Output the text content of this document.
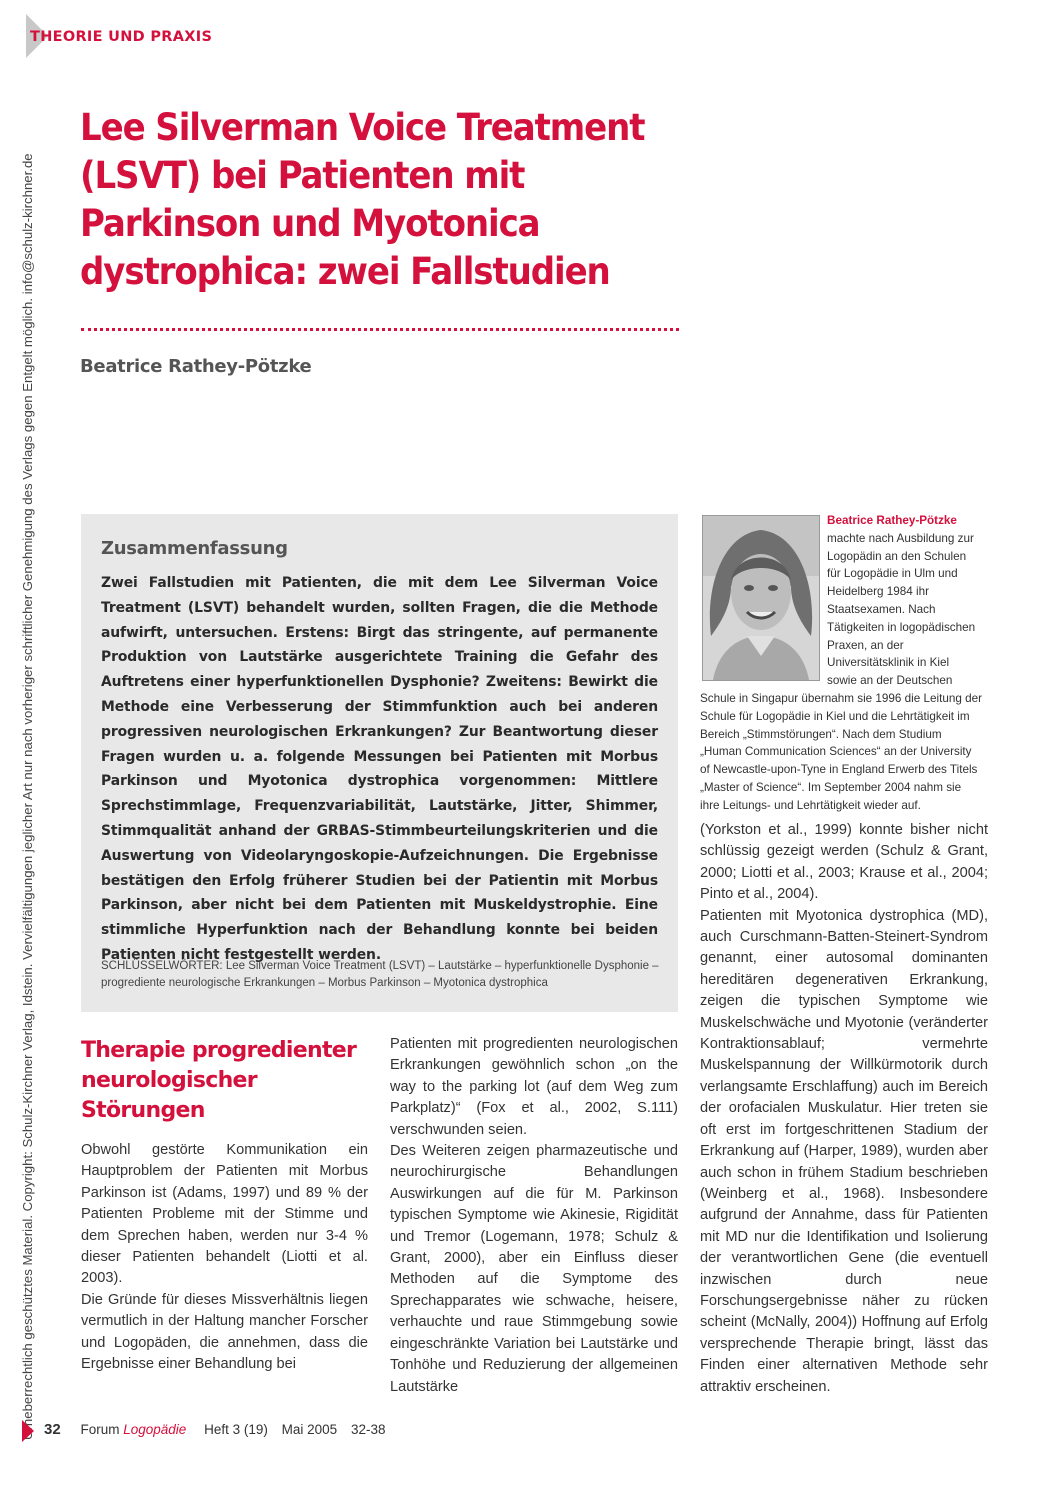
THEORIE UND PRAXIS
Urheberrechtlich geschütztes Material. Copyright: Schulz-Kirchner Verlag, Idstein. Vervielfältigungen jeglicher Art nur nach vorheriger schriftlicher Genehmigung des Verlags gegen Entgelt möglich. info@schulz-kirchner.de
Lee Silverman Voice Treatment (LSVT) bei Patienten mit Parkinson und Myotonica dystrophica: zwei Fallstudien
Beatrice Rathey-Pötzke
Zusammenfassung

Zwei Fallstudien mit Patienten, die mit dem Lee Silverman Voice Treatment (LSVT) behandelt wurden, sollten Fragen, die die Methode aufwirft, untersuchen. Erstens: Birgt das stringente, auf permanente Produktion von Lautstärke ausgerichtete Training die Gefahr des Auftretens einer hyperfunktionellen Dysphonie? Zweitens: Bewirkt die Methode eine Verbesserung der Stimmfunktion auch bei anderen progressiven neurologischen Erkrankungen? Zur Beantwortung dieser Fragen wurden u. a. folgende Messungen bei Patienten mit Morbus Parkinson und Myotonica dystrophica vorgenommen: Mittlere Sprechstimmlage, Frequenzvariabilität, Lautstärke, Jitter, Shimmer, Stimmqualität anhand der GRBAS-Stimmbeurteilungskriterien und die Auswertung von Videolaryngoskopie-Aufzeichnungen. Die Ergebnisse bestätigen den Erfolg früherer Studien bei der Patientin mit Morbus Parkinson, aber nicht bei dem Patienten mit Muskeldystrophie. Eine stimmliche Hyperfunktion nach der Behandlung konnte bei beiden Patienten nicht festgestellt werden.

SCHLÜSSELWÖRTER: Lee Silverman Voice Treatment (LSVT) – Lautstärke – hyperfunktionelle Dysphonie – progrediente neurologische Erkrankungen – Morbus Parkinson – Myotonica dystrophica

Beatrice Rathey-Pötzke
machte nach Ausbildung zur Logopädin an den Schulen für Logopädie in Ulm und Heidelberg 1984 ihr Staatsexamen. Nach Tätigkeiten in logopädischen Praxen, an der Universitätsklinik in Kiel sowie an der Deutschen Schule in Singapur übernahm sie 1996 die Leitung der Schule für Logopädie in Kiel und die Lehrtätigkeit im Bereich „Stimmstörungen“. Nach dem Studium „Human Communication Sciences“ an der University of Newcastle-upon-Tyne in England Erwerb des Titels „Master of Science“. Im September 2004 nahm sie ihre Leitungs- und Lehrtätigkeit wieder auf.

Therapie progredienter neurologischer Störungen

Obwohl gestörte Kommunikation ein Hauptproblem der Patienten mit Morbus Parkinson ist (Adams, 1997) und 89 % der Patienten Probleme mit der Stimme und dem Sprechen haben, werden nur 3-4 % dieser Patienten behandelt (Liotti et al. 2003).

Die Gründe für dieses Missverhältnis liegen vermutlich in der Haltung mancher Forscher und Logopäden, die annehmen, dass die Ergebnisse einer Behandlung bei

Patienten mit progredienten neurologischen Erkrankungen gewöhnlich schon „on the way to the parking lot (auf dem Weg zum Parkplatz)“ (Fox et al., 2002, S.111) verschwunden seien.

Des Weiteren zeigen pharmazeutische und neurochirurgische Behandlungen Auswirkungen auf die für M. Parkinson typischen Symptome wie Akinesie, Rigidität und Tremor (Logemann, 1978; Schulz & Grant, 2000), aber ein Einfluss dieser Methoden auf die Symptome des Sprechapparates wie schwache, heisere, verhauchte und raue Stimmgebung sowie eingeschränkte Variation bei Lautstärke und Tonhöhe und Reduzierung der allgemeinen Lautstärke

(Yorkston et al., 1999) konnte bisher nicht schlüssig gezeigt werden (Schulz & Grant, 2000; Liotti et al., 2003; Krause et al., 2004; Pinto et al., 2004).

Patienten mit Myotonica dystrophica (MD), auch Curschmann-Batten-Steinert-Syndrom genannt, einer autosomal dominanten hereditären degenerativen Erkrankung, zeigen die typischen Symptome wie Muskelschwäche und Myotonie (veränderter Kontraktionsablauf; vermehrte Muskelspannung der Willkürmotorik durch verlangsamte Erschlaffung) auch im Bereich der orofacialen Muskulatur. Hier treten sie oft erst im fortgeschrittenen Stadium der Erkrankung auf (Harper, 1989), wurden aber auch schon in frühem Stadium beschrieben (Weinberg et al., 1968). Insbesondere aufgrund der Annahme, dass für Patienten mit MD nur die Identifikation und Isolierung der verantwortlichen Gene (die eventuell inzwischen durch neue Forschungsergebnisse näher zu rücken scheint (McNally, 2004)) Hoffnung auf Erfolg versprechende Therapie bringt, lässt das Finden einer alternativen Methode sehr attraktiv erscheinen.

32 Forum Logopädie Heft 3 (19) Mai 2005 32-38
